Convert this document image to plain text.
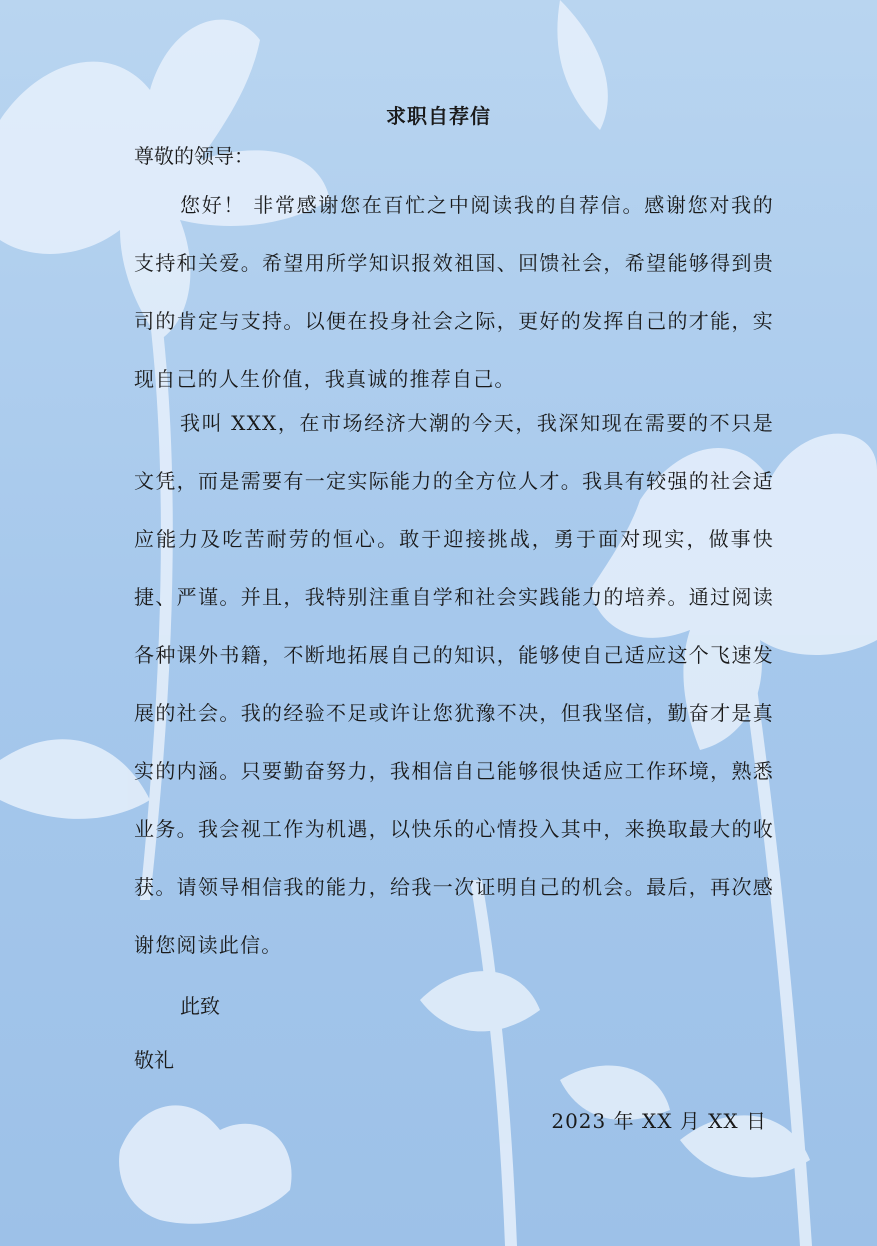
求职自荐信
尊敬的领导：

您好！ 非常感谢您在百忙之中阅读我的自荐信。感谢您对我的支持和关爱。希望用所学知识报效祖国、回馈社会，希望能够得到贵司的肯定与支持。以便在投身社会之际，更好的发挥自己的才能，实现自己的人生价值，我真诚的推荐自己。

我叫 XXX，在市场经济大潮的今天，我深知现在需要的不只是文凭，而是需要有一定实际能力的全方位人才。我具有较强的社会适应能力及吃苦耐劳的恒心。敢于迎接挑战，勇于面对现实，做事快捷、严谨。并且，我特别注重自学和社会实践能力的培养。通过阅读各种课外书籍，不断地拓展自己的知识，能够使自己适应这个飞速发展的社会。我的经验不足或许让您犹豫不决，但我坚信，勤奋才是真实的内涵。只要勤奋努力，我相信自己能够很快适应工作环境，熟悉业务。我会视工作为机遇，以快乐的心情投入其中，来换取最大的收获。请领导相信我的能力，给我一次证明自己的机会。最后，再次感谢您阅读此信。

此致
敬礼
2023 年 XX 月 XX 日
